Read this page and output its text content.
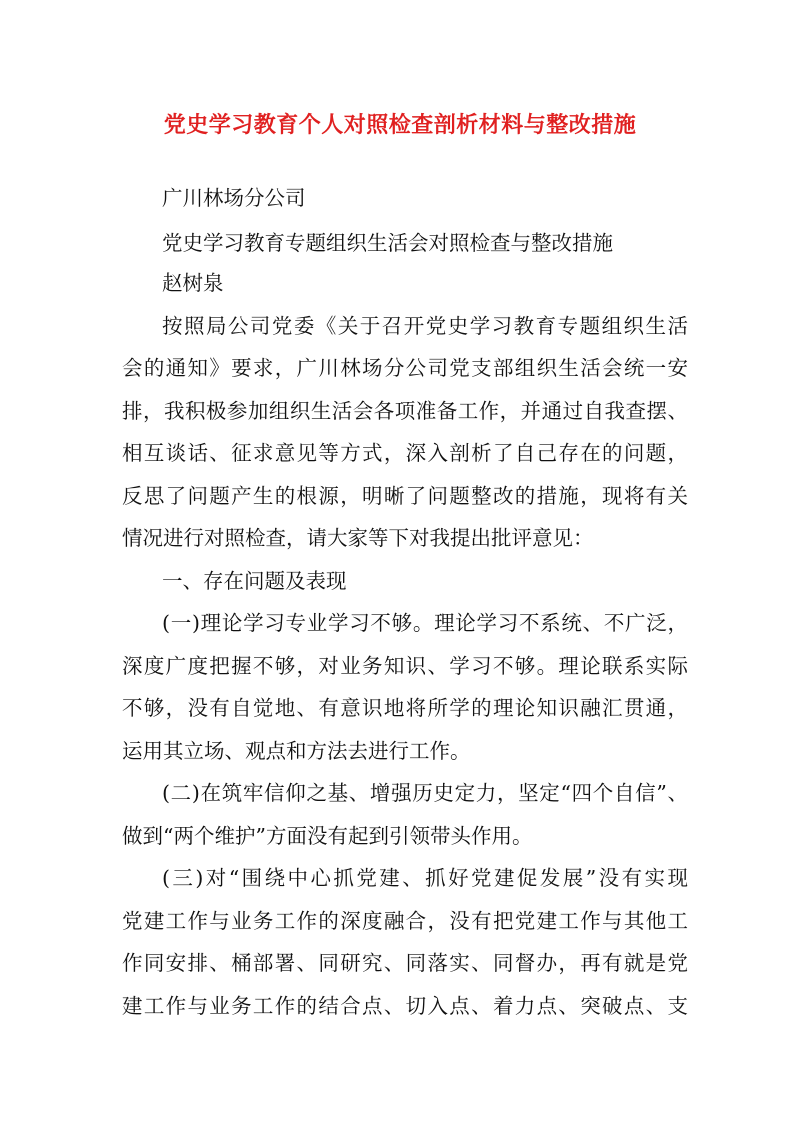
党史学习教育个人对照检查剖析材料与整改措施
广川林场分公司
党史学习教育专题组织生活会对照检查与整改措施
赵树泉
按照局公司党委《关于召开党史学习教育专题组织生活
会的通知》要求，广川林场分公司党支部组织生活会统一安
排，我积极参加组织生活会各项准备工作，并通过自我查摆、
相互谈话、征求意见等方式，深入剖析了自己存在的问题，
反思了问题产生的根源，明晰了问题整改的措施，现将有关
情况进行对照检查，请大家等下对我提出批评意见：
一、存在问题及表现
(一)理论学习专业学习不够。理论学习不系统、不广泛，
深度广度把握不够，对业务知识、学习不够。理论联系实际
不够，没有自觉地、有意识地将所学的理论知识融汇贯通，
运用其立场、观点和方法去进行工作。
(二)在筑牢信仰之基、增强历史定力，坚定“四个自信”、
做到“两个维护”方面没有起到引领带头作用。
(三)对“围绕中心抓党建、抓好党建促发展”没有实现
党建工作与业务工作的深度融合，没有把党建工作与其他工
作同安排、桶部署、同研究、同落实、同督办，再有就是党
建工作与业务工作的结合点、切入点、着力点、突破点、支
